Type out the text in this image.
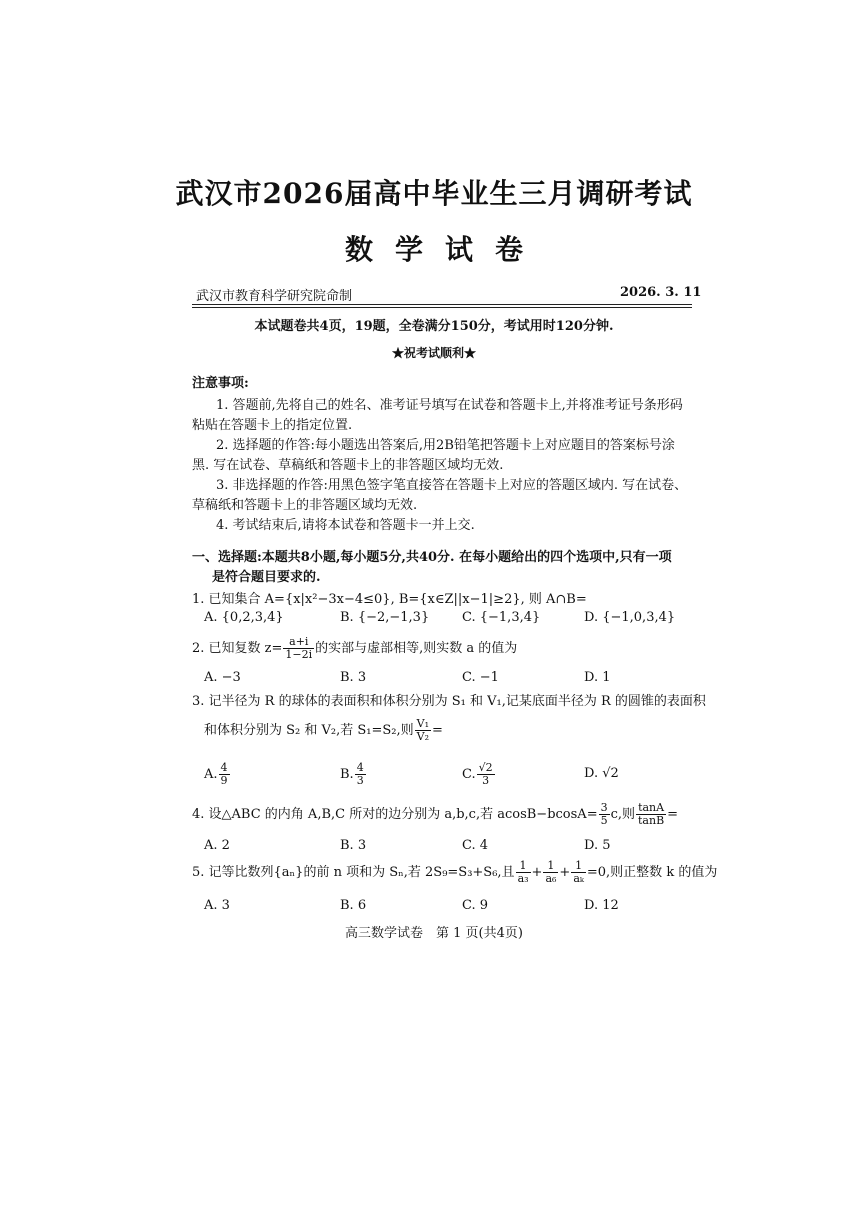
武汉市2026届高中毕业生三月调研考试
数学试卷
武汉市教育科学研究院命制	2026. 3. 11
本试题卷共4页，19题，全卷满分150分，考试用时120分钟.
★祝考试顺利★
注意事项:
1. 答题前,先将自己的姓名、准考证号填写在试卷和答题卡上,并将准考证号条形码
粘贴在答题卡上的指定位置.
2. 选择题的作答:每小题选出答案后,用2B铅笔把答题卡上对应题目的答案标号涂
黑. 写在试卷、草稿纸和答题卡上的非答题区域均无效.
3. 非选择题的作答:用黑色签字笔直接答在答题卡上对应的答题区域内. 写在试卷、
草稿纸和答题卡上的非答题区域均无效.
4. 考试结束后,请将本试卷和答题卡一并上交.
一、选择题:本题共8小题,每小题5分,共40分. 在每小题给出的四个选项中,只有一项
是符合题目要求的.
1. 已知集合 A={x|x²−3x−4≤0}, B={x∈Z||x−1|≥2}, 则 A∩B=
A. {0,2,3,4}	B. {−2,−1,3}	C. {−1,3,4}	D. {−1,0,3,4}
2. 已知复数 $z= \frac{a+i}{1-2i}$ 的实部与虚部相等,则实数 a 的值为
A. −3	B. 3	C. −1	D. 1
3. 记半径为 R 的球体的表面积和体积分别为 S₁ 和 V₁,记某底面半径为 R 的圆锥的表面积
和体积分别为 S₂ 和 V₂,若 S₁=S₂,则 $\frac{\text{V₁}}{\text{V₂}}$ =
A. $\frac{4}{9}$	B. $\frac{4}{3}$	C. $\frac{√2}{3}$	D. √2
4. 设△ABC 的内角 A,B,C 所对的边分别为 a,b,c,若 $acosB-bcosA= \frac{3}{5} c$,则 $\frac{\tan A}{\tan B}$ =
A. 2	B. 3	C. 4	D. 5
5. 记等比数列{aₙ}的前 n 项和为 Sₙ,若 2S₉=S₃+S₆,且 $\frac{1}{\text{a₃}} + \frac{1}{\text{a₆}} + \frac{1}{\text{aₖ}} =0$,则正整数 k 的值为
A. 3	B. 6	C. 9	D. 12
高三数学试卷　第 1 页(共4页)
